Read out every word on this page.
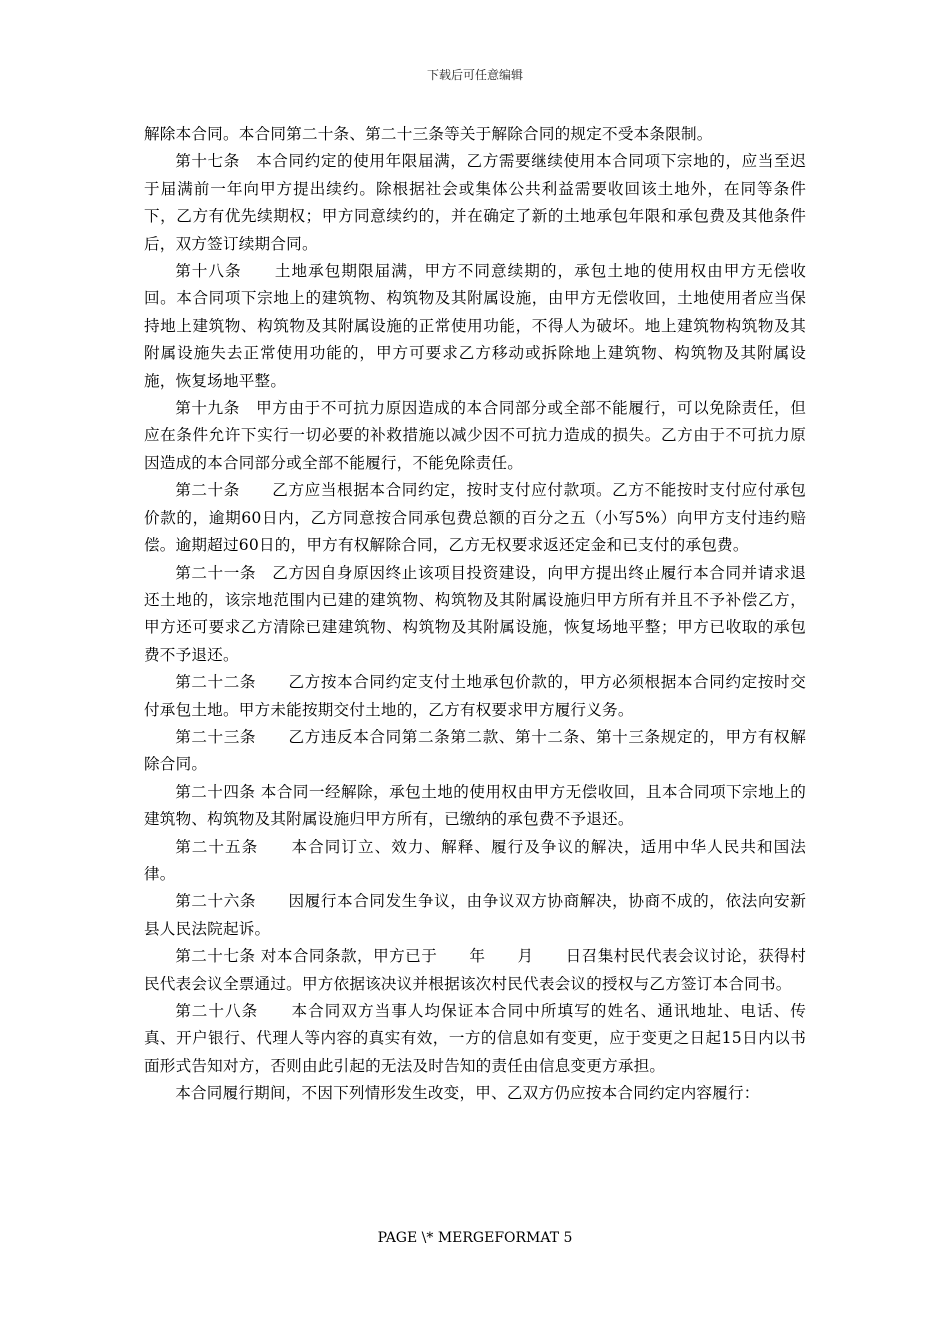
下载后可任意编辑

解除本合同。本合同第二十条、第二十三条等关于解除合同的规定不受本条限制。

第十七条　本合同约定的使用年限届满，乙方需要继续使用本合同项下宗地的，应当至迟于届满前一年向甲方提出续约。除根据社会或集体公共利益需要收回该土地外，在同等条件下，乙方有优先续期权；甲方同意续约的，并在确定了新的土地承包年限和承包费及其他条件后，双方签订续期合同。

第十八条　　土地承包期限届满，甲方不同意续期的，承包土地的使用权由甲方无偿收回。本合同项下宗地上的建筑物、构筑物及其附属设施，由甲方无偿收回，土地使用者应当保持地上建筑物、构筑物及其附属设施的正常使用功能，不得人为破坏。地上建筑物构筑物及其附属设施失去正常使用功能的，甲方可要求乙方移动或拆除地上建筑物、构筑物及其附属设施，恢复场地平整。

第十九条　甲方由于不可抗力原因造成的本合同部分或全部不能履行，可以免除责任，但应在条件允许下实行一切必要的补救措施以减少因不可抗力造成的损失。乙方由于不可抗力原因造成的本合同部分或全部不能履行，不能免除责任。

第二十条　　乙方应当根据本合同约定，按时支付应付款项。乙方不能按时支付应付承包价款的，逾期60日内，乙方同意按合同承包费总额的百分之五（小写5%）向甲方支付违约赔偿。逾期超过60日的，甲方有权解除合同，乙方无权要求返还定金和已支付的承包费。

第二十一条　乙方因自身原因终止该项目投资建设，向甲方提出终止履行本合同并请求退还土地的，该宗地范围内已建的建筑物、构筑物及其附属设施归甲方所有并且不予补偿乙方，甲方还可要求乙方清除已建建筑物、构筑物及其附属设施，恢复场地平整；甲方已收取的承包费不予退还。

第二十二条　　乙方按本合同约定支付土地承包价款的，甲方必须根据本合同约定按时交付承包土地。甲方未能按期交付土地的，乙方有权要求甲方履行义务。

第二十三条　　乙方违反本合同第二条第二款、第十二条、第十三条规定的，甲方有权解除合同。

第二十四条 本合同一经解除，承包土地的使用权由甲方无偿收回，且本合同项下宗地上的建筑物、构筑物及其附属设施归甲方所有，已缴纳的承包费不予退还。

第二十五条　　本合同订立、效力、解释、履行及争议的解决，适用中华人民共和国法律。

第二十六条　　因履行本合同发生争议，由争议双方协商解决，协商不成的，依法向安新县人民法院起诉。

第二十七条 对本合同条款，甲方已于　　年　　月　　日召集村民代表会议讨论，获得村民代表会议全票通过。甲方依据该决议并根据该次村民代表会议的授权与乙方签订本合同书。

第二十八条　　本合同双方当事人均保证本合同中所填写的姓名、通讯地址、电话、传真、开户银行、代理人等内容的真实有效，一方的信息如有变更，应于变更之日起15日内以书面形式告知对方，否则由此引起的无法及时告知的责任由信息变更方承担。

本合同履行期间，不因下列情形发生改变，甲、乙双方仍应按本合同约定内容履行：

PAGE \* MERGEFORMAT 5
